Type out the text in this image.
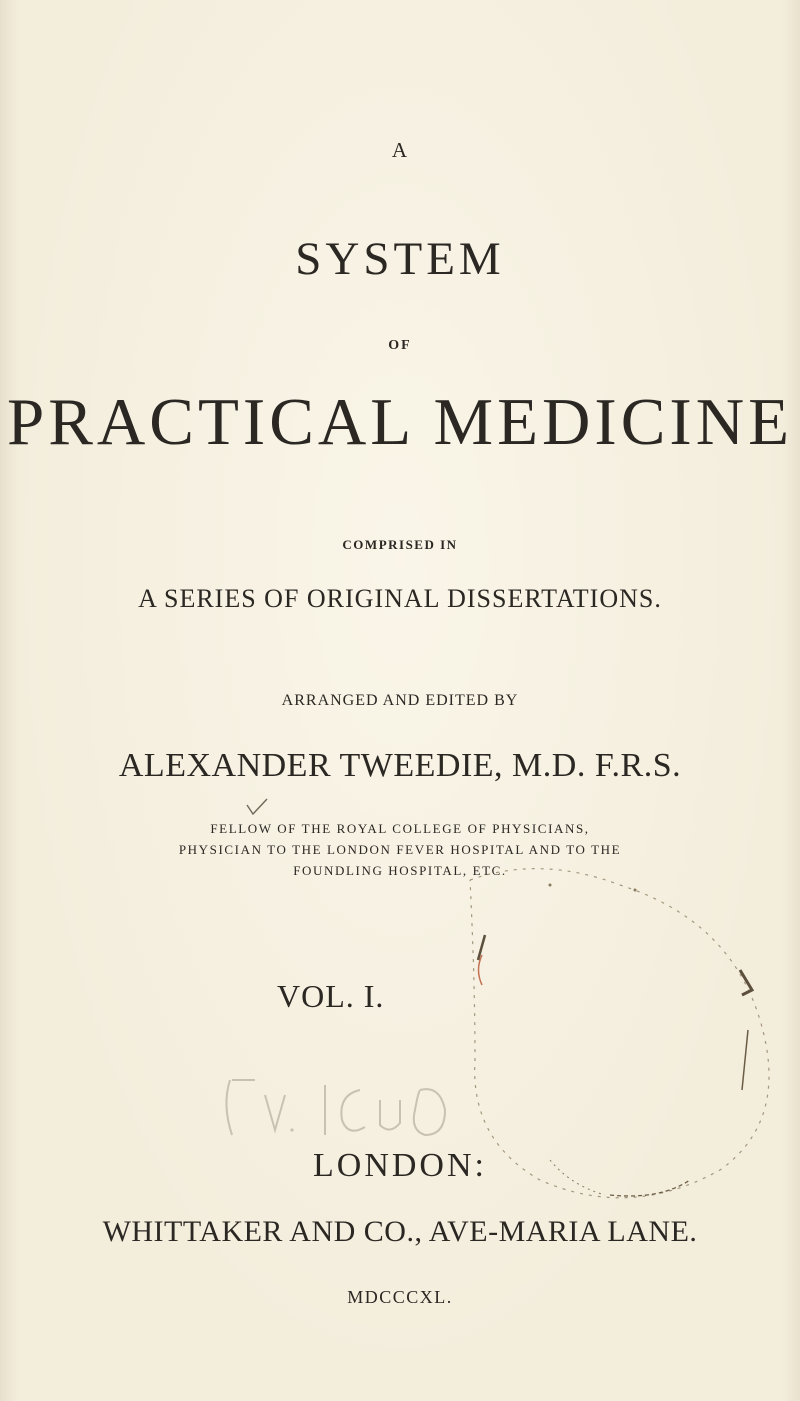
A
SYSTEM
OF
PRACTICAL MEDICINE
COMPRISED IN
A SERIES OF ORIGINAL DISSERTATIONS.
ARRANGED AND EDITED BY
ALEXANDER TWEEDIE, M.D. F.R.S.
FELLOW OF THE ROYAL COLLEGE OF PHYSICIANS,
PHYSICIAN TO THE LONDON FEVER HOSPITAL AND TO THE
FOUNDLING HOSPITAL, ETC.
VOL. I.
LONDON:
WHITTAKER AND CO., AVE-MARIA LANE.
MDCCCXL.
